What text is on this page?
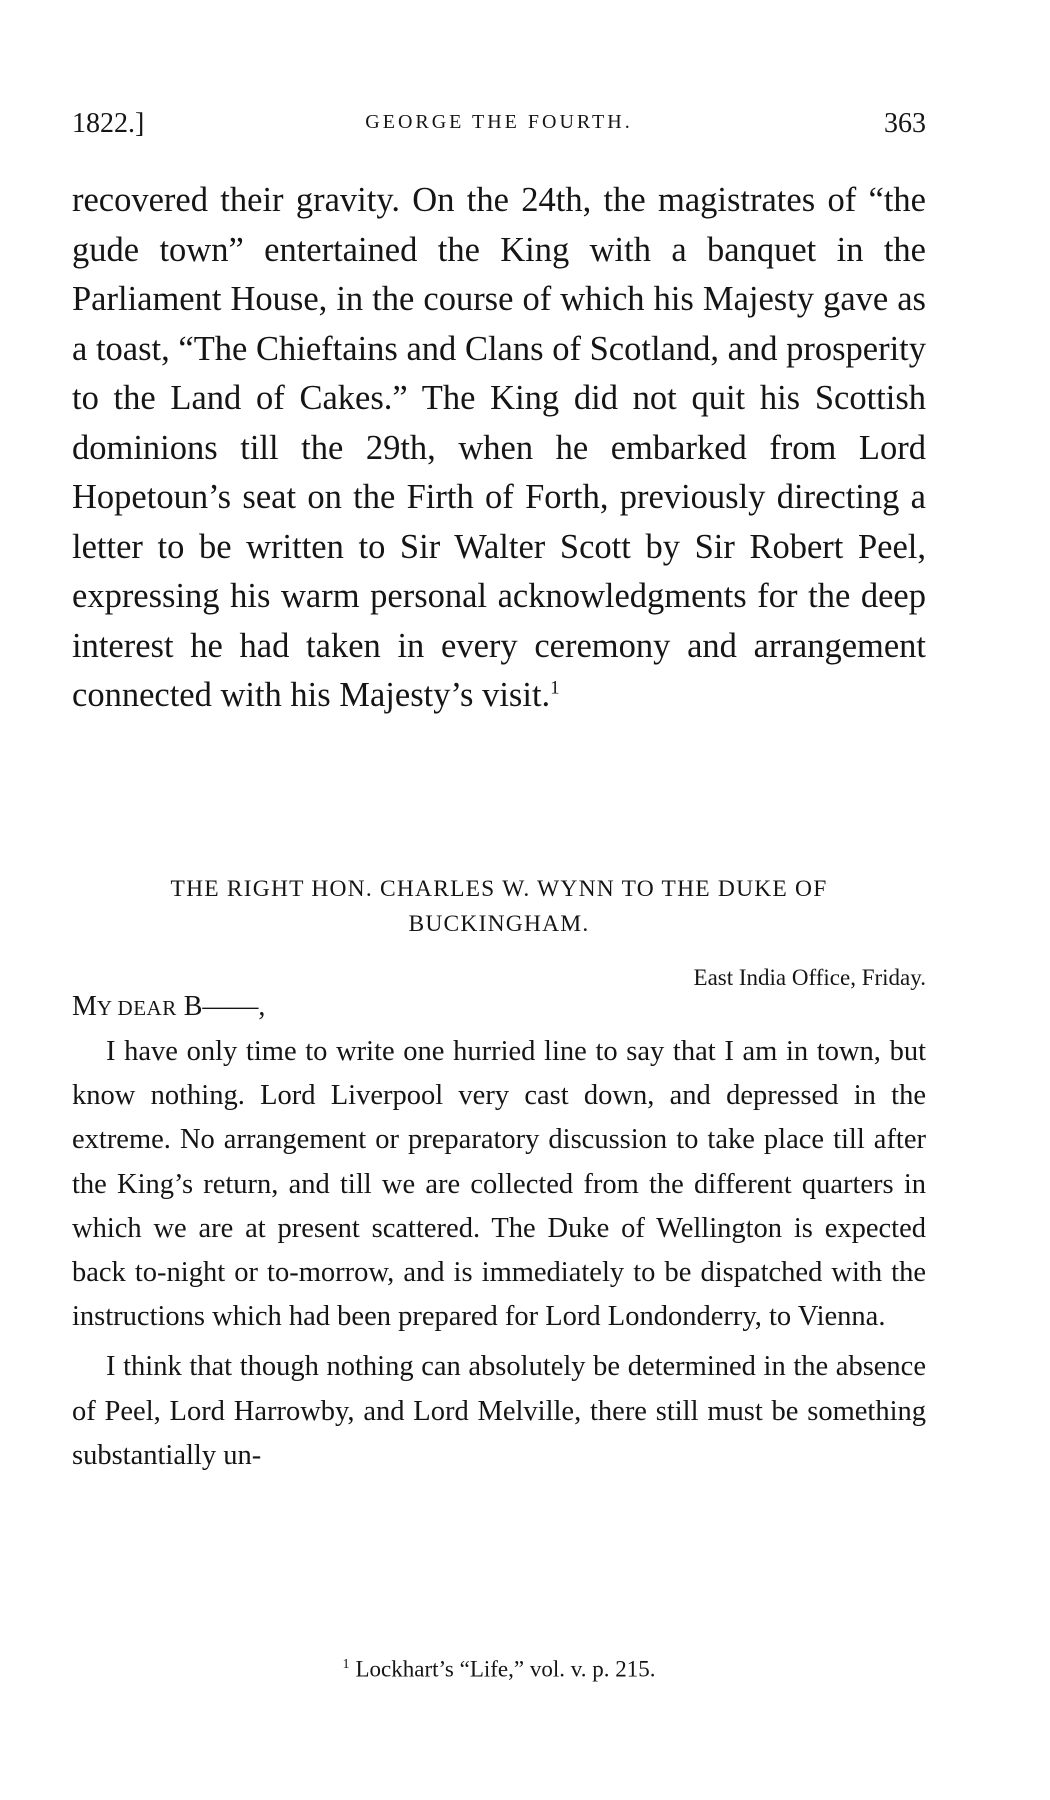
1822.]	GEORGE THE FOURTH.	363

recovered their gravity. On the 24th, the magistrates of “the gude town” entertained the King with a banquet in the Parliament House, in the course of which his Majesty gave as a toast, “The Chieftains and Clans of Scotland, and prosperity to the Land of Cakes.” The King did not quit his Scottish dominions till the 29th, when he embarked from Lord Hopetoun’s seat on the Firth of Forth, previously directing a letter to be written to Sir Walter Scott by Sir Robert Peel, expressing his warm personal acknowledgments for the deep interest he had taken in every ceremony and arrangement connected with his Majesty’s visit.$^1$

THE RIGHT HON. CHARLES W. WYNN TO THE DUKE OF BUCKINGHAM.
East India Office, Friday.
MY DEAR B——,

I have only time to write one hurried line to say that I am in town, but know nothing. Lord Liverpool very cast down, and depressed in the extreme. No arrangement or preparatory discussion to take place till after the King’s return, and till we are collected from the different quarters in which we are at present scattered. The Duke of Wellington is expected back to-night or to-morrow, and is immediately to be dispatched with the instructions which had been prepared for Lord Londonderry, to Vienna.

I think that though nothing can absolutely be determined in the absence of Peel, Lord Harrowby, and Lord Melville, there still must be something substantially un-

$^1$ Lockhart’s “Life,” vol. v. p. 215.
